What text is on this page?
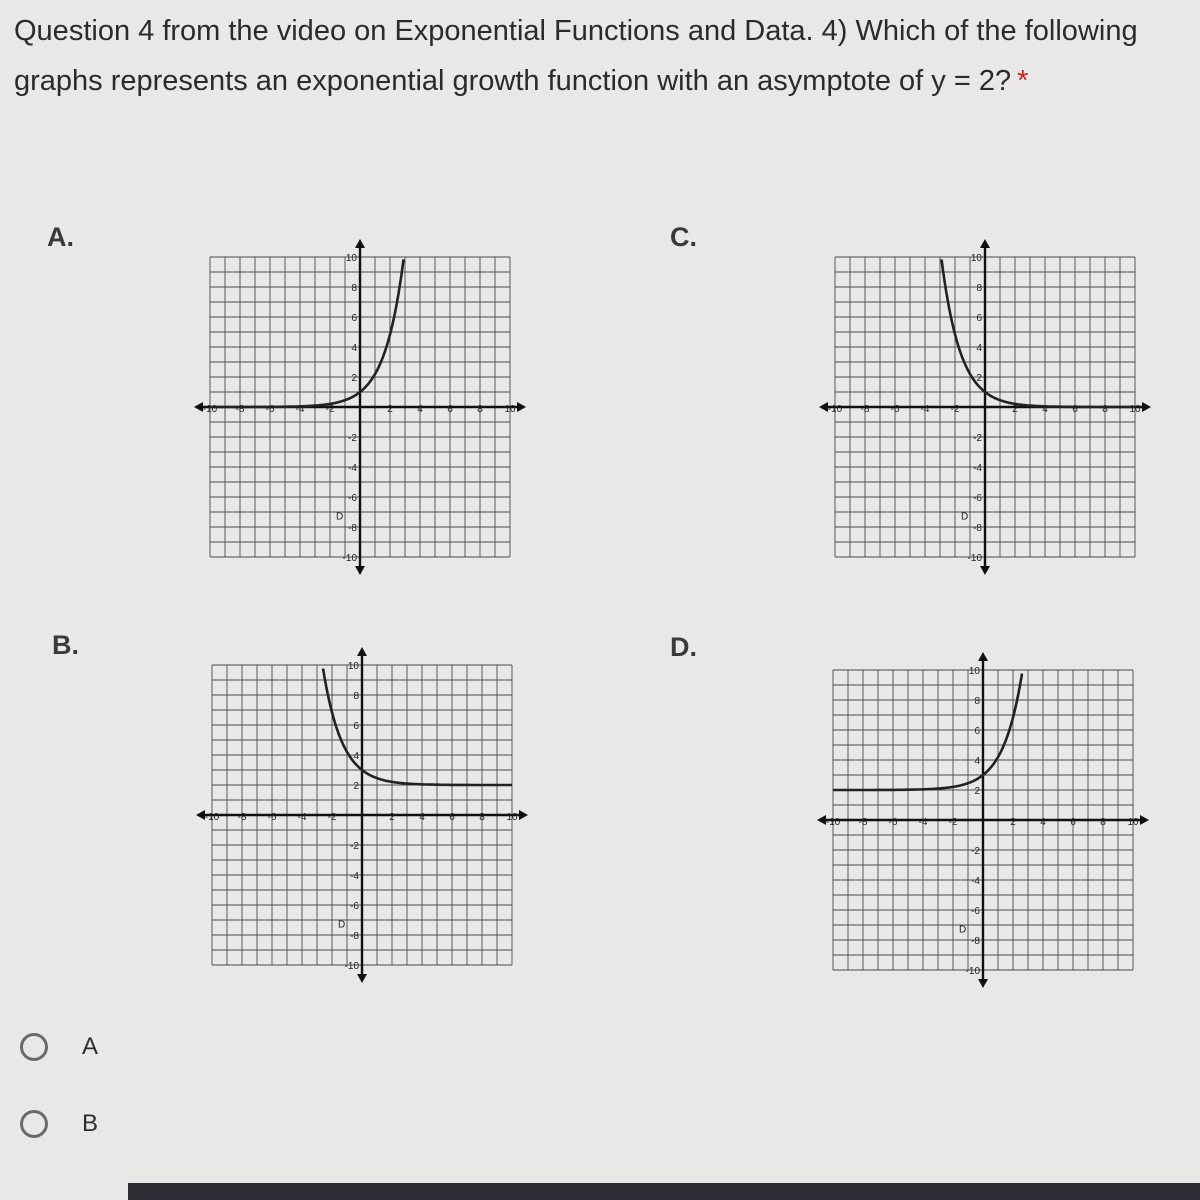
Question 4 from the video on Exponential Functions and Data. 4) Which of the following graphs represents an exponential growth function with an asymptote of y = 2? *

A.
-10 -8 -6 -4 -2	2 4 6 8 10
10
8
6
4
2
-2
-4
-6
-8
-10
D
C.
-10 -8 -6 -4 -2	2 4 6 8 10
10
8
6
4
2
-2
-4
-6
-8
-10
D
B.
-10 -8 -6 -4 -2	2 4 6 8 10
10
8
6
4
2
-2
-4
-6
-8
-10
D
D.
-10 -8 -6 -4 -2	2 4 6 8 10
10
8
6
4
2
-2
-4
-6
-8
-10
D
A
B
